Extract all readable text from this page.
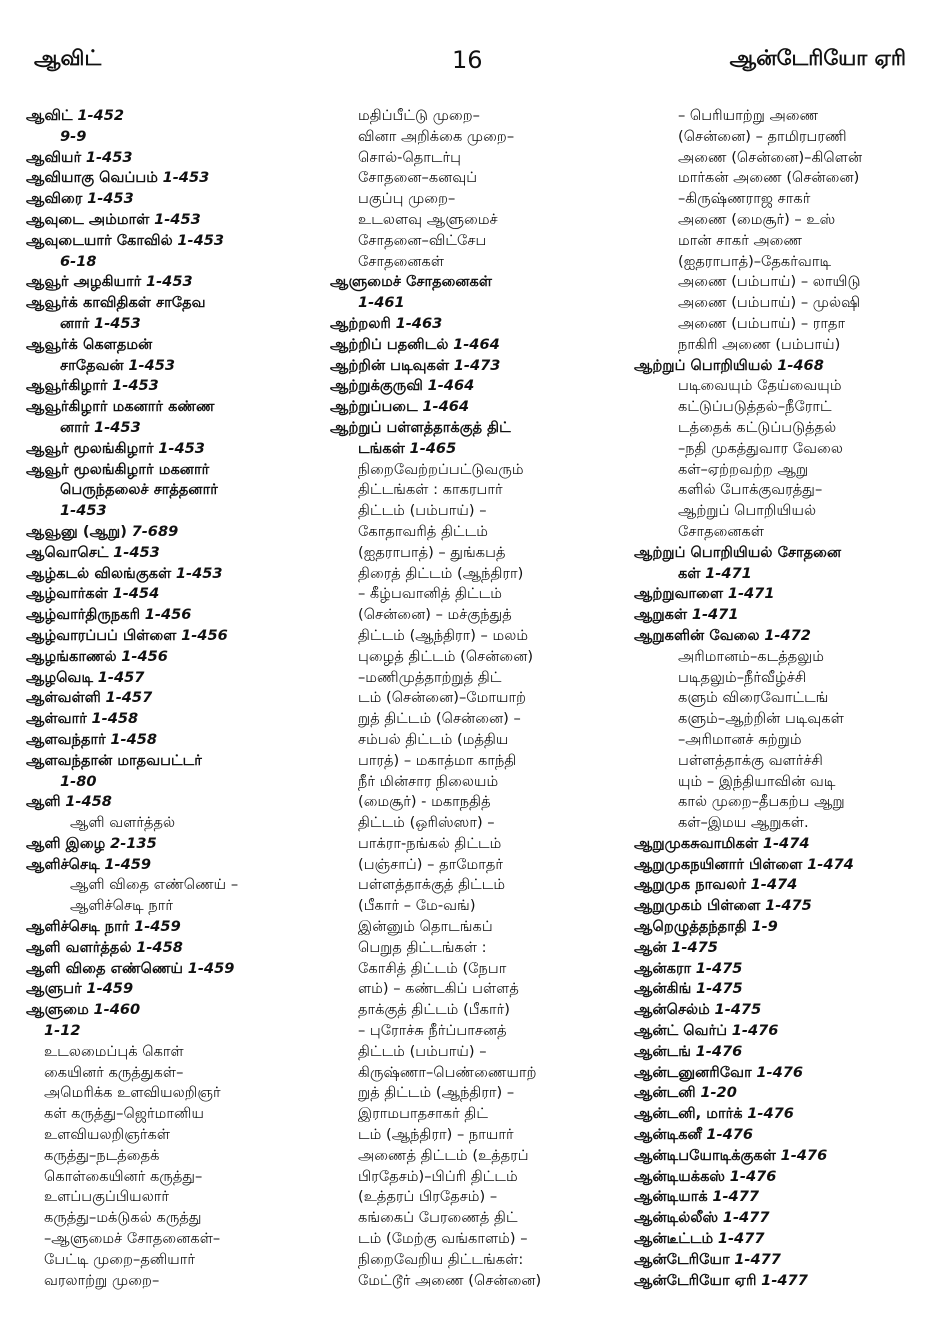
ஆவிட்	16	ஆன்டேரியோ ஏரி
ஆவிட் 1-452
9-9
ஆவியர் 1-453
ஆவியாகு வெப்பம் 1-453
ஆவிரை 1-453
ஆவுடை அம்மாள் 1-453
ஆவுடையார் கோவில் 1-453
6-18
ஆவூர் அழகியார் 1-453
ஆவூர்க் காவிதிகள் சாதேவ
னார் 1-453
ஆவூர்க் கௌதமன்
சாதேவன் 1-453
ஆவூர்கிழார் 1-453
ஆவூர்கிழார் மகனார் கண்ண
னார் 1-453
ஆவூர் மூலங்கிழார் 1-453
ஆவூர் மூலங்கிழார் மகனார்
பெருந்தலைச் சாத்தனார்
1-453
ஆவூனு (ஆறு) 7-689
ஆவொசெட் 1-453
ஆழ்கடல் விலங்குகள் 1-453
ஆழ்வார்கள் 1-454
ஆழ்வார்திருநகரி 1-456
ஆழ்வாரப்பப் பிள்ளை 1-456
ஆழங்காணல் 1-456
ஆழவெடி 1-457
ஆள்வள்ளி 1-457
ஆள்வார் 1-458
ஆளவந்தார் 1-458
ஆளவந்தான் மாதவபட்டர்
1-80
ஆளி 1-458
ஆளி வளர்த்தல்
ஆளி இழை 2-135
ஆளிச்செடி 1-459
ஆளி விதை எண்ணெய் –
ஆளிச்செடி நார்
ஆளிச்செடி நார் 1-459
ஆளி வளர்த்தல் 1-458
ஆளி விதை எண்ணெய் 1-459
ஆளுபர் 1-459
ஆளுமை 1-460
1-12
உடலமைப்புக் கொள்
கையினர் கருத்துகள்–
அமெரிக்க உளவியலறிஞர்
கள் கருத்து–ஜெர்மானிய
உளவியலறிஞர்கள்
கருத்து–நடத்தைக்
கொள்கையினர் கருத்து–
உளப்பகுப்பியலார்
கருத்து–மக்டுகல் கருத்து
–ஆளுமைச் சோதனைகள்–
பேட்டி முறை–தனியார்
வரலாற்று முறை–
மதிப்பீட்டு முறை–
வினா அறிக்கை முறை–
சொல்-தொடர்பு
சோதனை–கனவுப்
பகுப்பு முறை–
உடலளவு ஆளுமைச்
சோதனை–விட்சேப
சோதனைகள்
ஆளுமைச் சோதனைகள்
1-461
ஆற்றலரி 1-463
ஆற்றிப் பதனிடல் 1-464
ஆற்றின் படிவுகள் 1-473
ஆற்றுக்குருவி 1-464
ஆற்றுப்படை 1-464
ஆற்றுப் பள்ளத்தாக்குத் திட்
டங்கள் 1-465
நிறைவேற்றப்பட்டுவரும்
திட்டங்கள் : காகரபார்
திட்டம் (பம்பாய்) –
கோதாவரித் திட்டம்
(ஐதராபாத்) – துங்கபத்
திரைத் திட்டம் (ஆந்திரா)
– கீழ்பவானித் திட்டம்
(சென்னை) – மச்குந்துத்
திட்டம் (ஆந்திரா) – மலம்
புழைத் திட்டம் (சென்னை)
–மணிமுத்தாற்றுத் திட்
டம் (சென்னை)–மோயாற்
றுத் திட்டம் (சென்னை) –
சம்பல் திட்டம் (மத்திய
பாரத்) – மகாத்மா காந்தி
நீர் மின்சார நிலையம்
(மைசூர்) - மகாநதித்
திட்டம் (ஒரிஸ்ஸா) –
பாக்ரா-நங்கல் திட்டம்
(பஞ்சாப்) – தாமோதர்
பள்ளத்தாக்குத் திட்டம்
(பீகார் – மே-வங்)
இன்னும் தொடங்கப்
பெறுத திட்டங்கள் :
கோசித் திட்டம் (நேபா
ளம்) – கண்டகிப் பள்ளத்
தாக்குத் திட்டம் (பீகார்)
– புரோச்சு நீர்ப்பாசனத்
திட்டம் (பம்பாய்) –
கிருஷ்ணா–பெண்ணையாற்
றுத் திட்டம் (ஆந்திரா) –
இராமபாதசாகர் திட்
டம் (ஆந்திரா) – நாயார்
அணைத் திட்டம் (உத்தரப்
பிரதேசம்)–பிப்ரி திட்டம்
(உத்தரப் பிரதேசம்) –
கங்கைப் பேரணைத் திட்
டம் (மேற்கு வங்காளம்) –
நிறைவேறிய திட்டங்கள்:
மேட்டூர் அணை (சென்னை)
– பெரியாற்று அணை
(சென்னை) – தாமிரபரணி
அணை (சென்னை)–கிளென்
மார்கன் அணை (சென்னை)
–கிருஷ்ணராஜ சாகர்
அணை (மைசூர்) – உஸ்
மான் சாகர் அணை
(ஐதராபாத்)–தேகர்வாடி
அணை (பம்பாய்) – லாயிடு
அணை (பம்பாய்) – முல்ஷி
அணை (பம்பாய்) – ராதா
நாகிரி அணை (பம்பாய்)
ஆற்றுப் பொறியியல் 1-468
படிவையும் தேய்வையும்
கட்டுப்படுத்தல்–நீரோட்
டத்தைக் கட்டுப்படுத்தல்
–நதி முகத்துவார வேலை
கள்–ஏற்றவற்ற ஆறு
களில் போக்குவரத்து–
ஆற்றுப் பொறியியல்
சோதனைகள்
ஆற்றுப் பொறியியல் சோதனை
கள் 1-471
ஆற்றுவாளை 1-471
ஆறுகள் 1-471
ஆறுகளின் வேலை 1-472
அரிமானம்–கடத்தலும்
படிதலும்–நீர்வீழ்ச்சி
களும் விரைவோட்டங்
களும்–ஆற்றின் படிவுகள்
–அரிமானச் சுற்றும்
பள்ளத்தாக்கு வளர்ச்சி
யும் – இந்தியாவின் வடி
கால் முறை–தீபகற்ப ஆறு
கள்–இமய ஆறுகள்.
ஆறுமுகசுவாமிகள் 1-474
ஆறுமுகநயினார் பிள்ளை 1-474
ஆறுமுக நாவலர் 1-474
ஆறுமுகம் பிள்ளை 1-475
ஆறெழுத்தந்தாதி 1-9
ஆன் 1-475
ஆன்கரா 1-475
ஆன்கிங் 1-475
ஆன்செல்ம் 1-475
ஆன்ட் வெர்ப் 1-476
ஆன்டங் 1-476
ஆன்டனுனரிவோ 1-476
ஆன்டனி 1-20
ஆன்டனி, மார்க் 1-476
ஆன்டிகனீ 1-476
ஆன்டிபயோடிக்குகள் 1-476
ஆன்டியக்கஸ் 1-476
ஆன்டியாக் 1-477
ஆன்டில்லீஸ் 1-477
ஆன்டீட்டம் 1-477
ஆன்டேரியோ 1-477
ஆன்டேரியோ ஏரி 1-477
